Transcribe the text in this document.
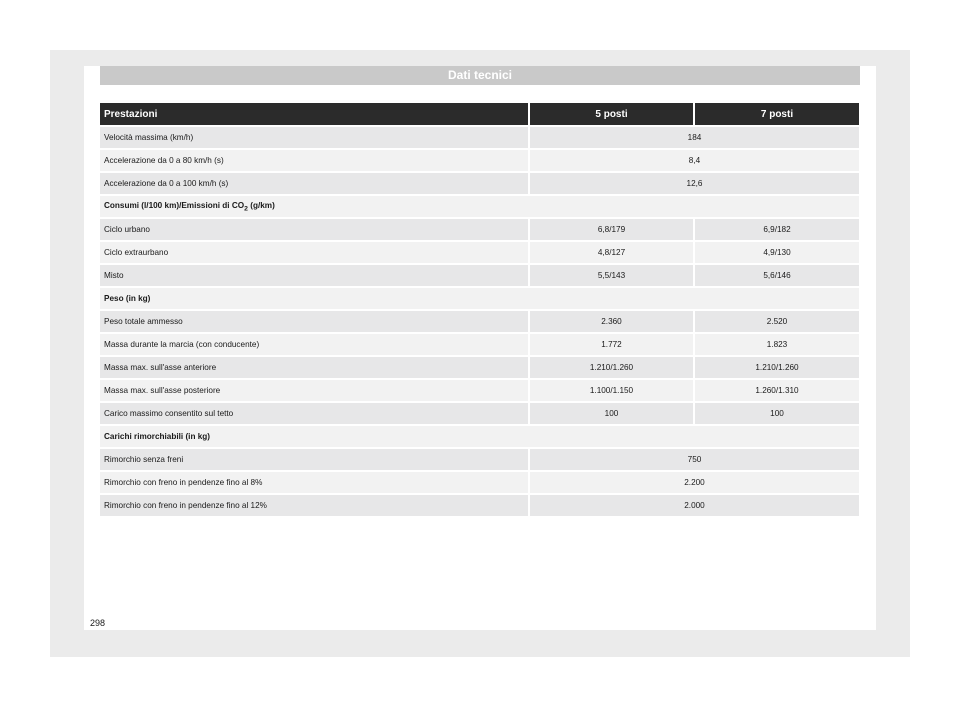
Dati tecnici
Prestazioni	5 posti	7 posti
Velocità massima (km/h)	184	
Accelerazione da 0 a 80 km/h (s)	8,4	
Accelerazione da 0 a 100 km/h (s)	12,6	
Consumi (l/100 km)/Emissioni di $CO_2$ (g/km)		
Ciclo urbano	6,8/179	6,9/182
Ciclo extraurbano	4,8/127	4,9/130
Misto	5,5/143	5,6/146
Peso (in kg)		
Peso totale ammesso	2.360	2.520
Massa durante la marcia (con conducente)	1.772	1.823
Massa max. sull'asse anteriore	1.210/1.260	1.210/1.260
Massa max. sull'asse posteriore	1.100/1.150	1.260/1.310
Carico massimo consentito sul tetto	100	100
Carichi rimorchiabili (in kg)		
Rimorchio senza freni	750	
Rimorchio con freno in pendenze fino al 8%	2.200	
Rimorchio con freno in pendenze fino al 12%	2.000	
298
